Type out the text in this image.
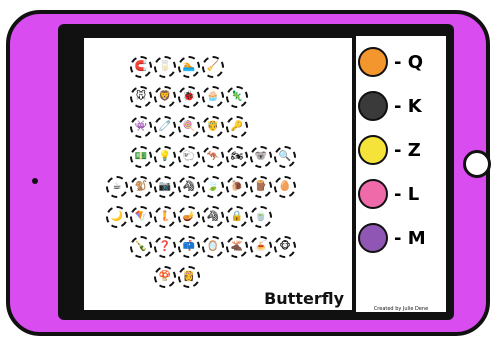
🧲 🥛 🏊 🧹
🐭 🦁 🐞 🧁 🦎
👾 🧷 🍭 🤴 🔑
💵 💡 🐑 🦘 🏍 🐨 🔍
☕ 🐒 📷 🦓 🍃 🐌 🪵 🥚
🌙 🪁 🧜 🪔 🦓 🔒 🍵
🍾 ❓ 📫 🪞 🫎 🍝 🐵
🍄 👸
Butterfly
- Q
- K
- Z
- L
- M
Created by Julie Dene
